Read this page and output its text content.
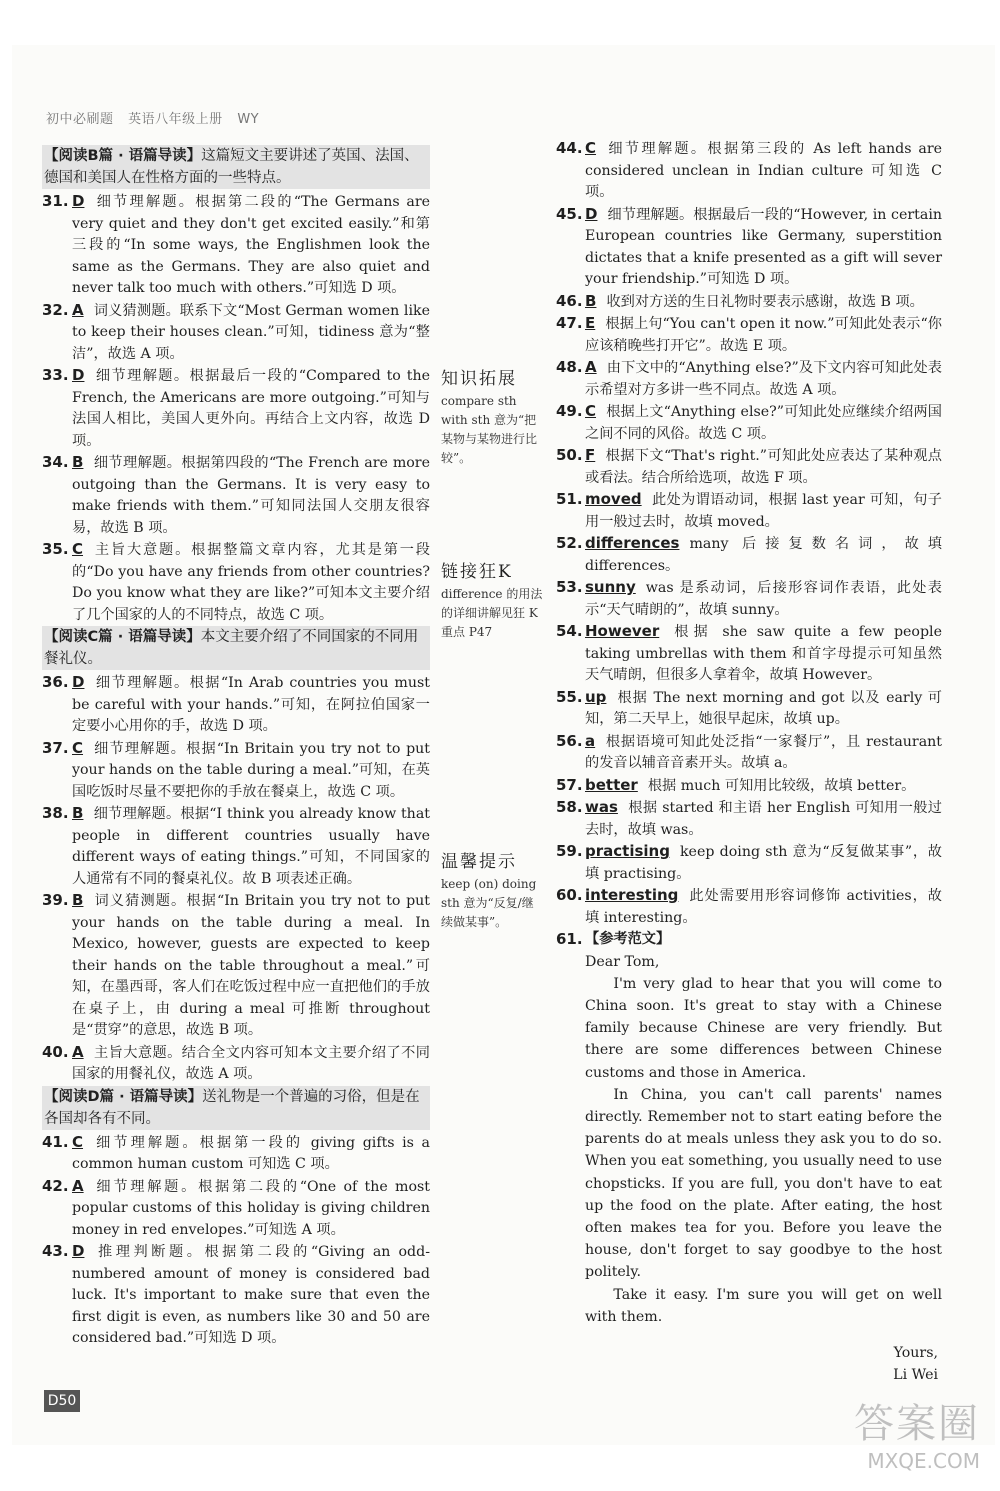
初中必刷题 英语八年级上册 WY
【阅读B篇 · 语篇导读】这篇短文主要讲述了英国、法国、德国和美国人在性格方面的一些特点。
31. D 细节理解题。根据第二段的“The Germans are very quiet and they don't get excited easily.”和第三段的“In some ways, the Englishmen look the same as the Germans. They are also quiet and never talk too much with others.”可知选 D 项。
32. A 词义猜测题。联系下文“Most German women like to keep their houses clean.”可知，tidiness 意为“整洁”，故选 A 项。
33. D 细节理解题。根据最后一段的“Compared to the French, the Americans are more outgoing.”可知与法国人相比，美国人更外向。再结合上文内容，故选 D 项。
34. B 细节理解题。根据第四段的“The French are more outgoing than the Germans. It is very easy to make friends with them.”可知同法国人交朋友很容易，故选 B 项。
35. C 主旨大意题。根据整篇文章内容，尤其是第一段的“Do you have any friends from other countries? Do you know what they are like?”可知本文主要介绍了几个国家的人的不同特点，故选 C 项。
【阅读C篇 · 语篇导读】本文主要介绍了不同国家的不同用餐礼仪。
36. D 细节理解题。根据“In Arab countries you must be careful with your hands.”可知，在阿拉伯国家一定要小心用你的手，故选 D 项。
37. C 细节理解题。根据“In Britain you try not to put your hands on the table during a meal.”可知，在英国吃饭时尽量不要把你的手放在餐桌上，故选 C 项。
38. B 细节理解题。根据“I think you already know that people in different countries usually have different ways of eating things.”可知，不同国家的人通常有不同的餐桌礼仪。故 B 项表述正确。
39. B 词义猜测题。根据“In Britain you try not to put your hands on the table during a meal. In Mexico, however, guests are expected to keep their hands on the table throughout a meal.”可知，在墨西哥，客人们在吃饭过程中应一直把他们的手放在桌子上，由 during a meal 可推断 throughout 是“贯穿”的意思，故选 B 项。
40. A 主旨大意题。结合全文内容可知本文主要介绍了不同国家的用餐礼仪，故选 A 项。
【阅读D篇 · 语篇导读】送礼物是一个普遍的习俗，但是在各国却各有不同。
41. C 细节理解题。根据第一段的 giving gifts is a common human custom 可知选 C 项。
42. A 细节理解题。根据第二段的“One of the most popular customs of this holiday is giving children money in red envelopes.”可知选 A 项。
43. D 推理判断题。根据第二段的“Giving an odd-numbered amount of money is considered bad luck. It's important to make sure that even the first digit is even, as numbers like 30 and 50 are considered bad.”可知选 D 项。
知识拓展
compare sth with sth 意为“把某物与某物进行比较”。
链接狂K
difference 的用法的详细讲解见狂 K 重点 P47
温馨提示
keep (on) doing sth 意为“反复/继续做某事”。
44. C 细节理解题。根据第三段的 As left hands are considered unclean in Indian culture 可知选 C 项。
45. D 细节理解题。根据最后一段的“However, in certain European countries like Germany, superstition dictates that a knife presented as a gift will sever your friendship.”可知选 D 项。
46. B 收到对方送的生日礼物时要表示感谢，故选 B 项。
47. E 根据上句“You can't open it now.”可知此处表示“你应该稍晚些打开它”。故选 E 项。
48. A 由下文中的“Anything else?”及下文内容可知此处表示希望对方多讲一些不同点。故选 A 项。
49. C 根据上文“Anything else?”可知此处应继续介绍两国之间不同的风俗。故选 C 项。
50. F 根据下文“That's right.”可知此处应表达了某种观点或看法。结合所给选项，故选 F 项。
51. moved 此处为谓语动词，根据 last year 可知，句子用一般过去时，故填 moved。
52. differences many 后接复数名词，故填 differences。
53. sunny was 是系动词，后接形容词作表语，此处表示“天气晴朗的”，故填 sunny。
54. However 根据 she saw quite a few people taking umbrellas with them 和首字母提示可知虽然天气晴朗，但很多人拿着伞，故填 However。
55. up 根据 The next morning and got 以及 early 可知，第二天早上，她很早起床，故填 up。
56. a 根据语境可知此处泛指“一家餐厅”，且 restaurant 的发音以辅音音素开头。故填 a。
57. better 根据 much 可知用比较级，故填 better。
58. was 根据 started 和主语 her English 可知用一般过去时，故填 was。
59. practising keep doing sth 意为“反复做某事”，故填 practising。
60. interesting 此处需要用形容词修饰 activities，故填 interesting。
61. 【参考范文】

Dear Tom,

I'm very glad to hear that you will come to China soon. It's great to stay with a Chinese family because Chinese are very friendly. But there are some differences between Chinese customs and those in America.

In China, you can't call parents' names directly. Remember not to start eating before the parents do at meals unless they ask you to do so. When you eat something, you usually need to use chopsticks. If you are full, you don't have to eat up the food on the plate. After eating, the host often makes tea for you. Before you leave the house, don't forget to say goodbye to the host politely.

Take it easy. I'm sure you will get on well with them.

Yours,

Li Wei

D50	答案圈
MXQE.COM
